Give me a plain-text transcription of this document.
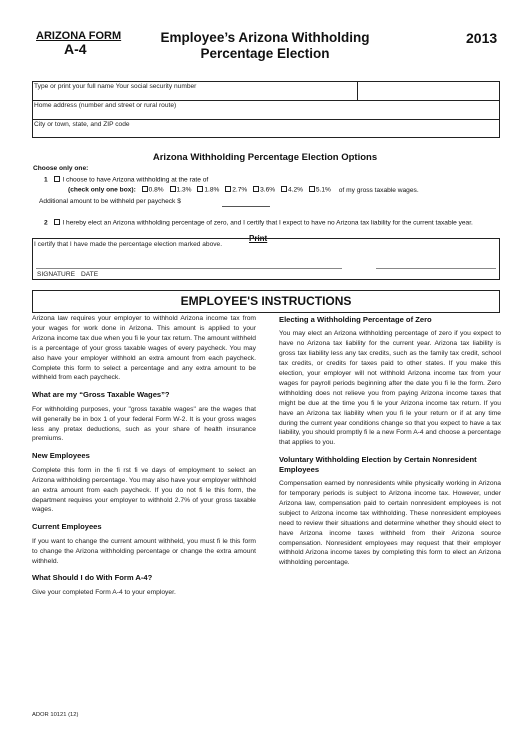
ARIZONA FORM
A-4
Employee’s Arizona Withholding
Percentage Election
2013
Type or print your full name Your social security number
Home address (number and street or rural route)
City or town, state, and ZIP code
Arizona Withholding Percentage Election Options
Choose only one:
1 I choose to have Arizona withholding at the rate of
(check only one box): 0.8% 1.3% 1.8% 2.7% 3.6% 4.2% 5.1% of my gross taxable wages.
Additional amount to be withheld per paycheck $
2 I hereby elect an Arizona withholding percentage of zero, and I certify that I expect to have no Arizona tax liability for the current taxable year.
Print
I certify that I have made the percentage election marked above.
SIGNATURE DATE
EMPLOYEE'S INSTRUCTIONS

Arizona law requires your employer to withhold Arizona income tax from your wages for work done in Arizona. This amount is applied to your Arizona income tax due when you fi le your tax return. The amount withheld is a percentage of your gross taxable wages of every paycheck. You may also have your employer withhold an extra amount from each paycheck. Complete this form to select a percentage and any extra amount to be withheld from each paycheck.

What are my “Gross Taxable Wages”?

For withholding purposes, your "gross taxable wages" are the wages that will generally be in box 1 of your federal Form W-2. It is your gross wages less any pretax deductions, such as your share of health insurance premiums.

New Employees

Complete this form in the fi rst fi ve days of employment to select an Arizona withholding percentage. You may also have your employer withhold an extra amount from each paycheck. If you do not fi le this form, the department requires your employer to withhold 2.7% of your gross taxable wages.

Current Employees

If you want to change the current amount withheld, you must fi le this form to change the Arizona withholding percentage or change the extra amount withheld.

What Should I do With Form A-4?

Give your completed Form A-4 to your employer.

Electing a Withholding Percentage of Zero

You may elect an Arizona withholding percentage of zero if you expect to have no Arizona tax liability for the current year. Arizona tax liability is gross tax liability less any tax credits, such as the family tax credit, school tax credits, or credits for taxes paid to other states. If you make this election, your employer will not withhold Arizona income tax from your wages for payroll periods beginning after the date you fi le the form. Zero withholding does not relieve you from paying Arizona income taxes that might be due at the time you fi le your Arizona income tax return. If you have an Arizona tax liability when you fi le your return or if at any time during the current year conditions change so that you expect to have a tax liability, you should promptly fi le a new Form A-4 and choose a percentage that applies to you.

Voluntary Withholding Election by Certain Nonresident Employees

Compensation earned by nonresidents while physically working in Arizona for temporary periods is subject to Arizona income tax. However, under Arizona law, compensation paid to certain nonresident employees is not subject to Arizona income tax withholding. These nonresident employees need to review their situations and determine whether they should elect to have Arizona income taxes withheld from their Arizona source compensation. Nonresident employees may request that their employer withhold Arizona income taxes by completing this form to elect an Arizona withholding percentage.

ADOR 10121 (12)
